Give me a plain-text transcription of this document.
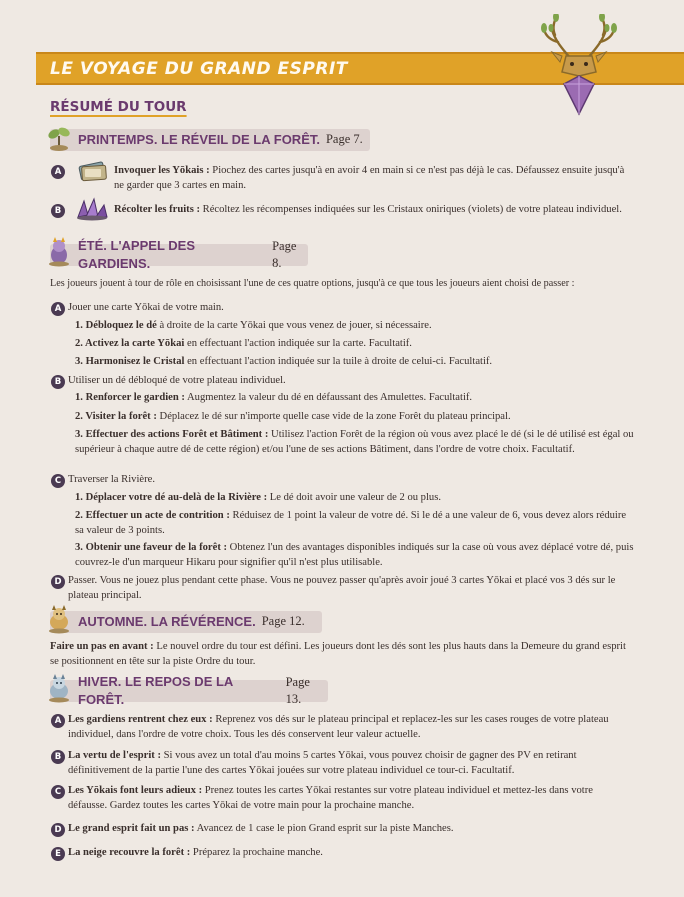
LE VOYAGE DU GRAND ESPRIT
RÉSUMÉ DU TOUR
PRINTEMPS. LE RÉVEIL DE LA FORÊT. Page 7.
A	Invoquer les Yōkais : Piochez des cartes jusqu'à en avoir 4 en main si ce n'est pas déjà le cas. Défaussez ensuite jusqu'à ne garder que 3 cartes en main.
B	Récolter les fruits : Récoltez les récompenses indiquées sur les Cristaux oniriques (violets) de votre plateau individuel.
ÉTÉ. L'APPEL DES GARDIENS.
Page 8.
Les joueurs jouent à tour de rôle en choisissant l'une de ces quatre options, jusqu'à ce que tous les joueurs aient choisi de passer :
A Jouer une carte Yōkai de votre main.
1. Débloquez le dé à droite de la carte Yōkai que vous venez de jouer, si nécessaire.
2. Activez la carte Yōkai en effectuant l'action indiquée sur la carte. Facultatif.
3. Harmonisez le Cristal en effectuant l'action indiquée sur la tuile à droite de celui-ci. Facultatif.
B Utiliser un dé débloqué de votre plateau individuel.
1. Renforcer le gardien : Augmentez la valeur du dé en défaussant des Amulettes. Facultatif.
2. Visiter la forêt : Déplacez le dé sur n'importe quelle case vide de la zone Forêt du plateau principal.
3. Effectuer des actions Forêt et Bâtiment : Utilisez l'action Forêt de la région où vous avez placé le dé (si le dé utilisé est égal ou supérieur à chaque autre dé de cette région) et/ou l'une de ses actions Bâtiment, dans l'ordre de votre choix. Facultatif.
C Traverser la Rivière.
1. Déplacer votre dé au-delà de la Rivière : Le dé doit avoir une valeur de 2 ou plus.
2. Effectuer un acte de contrition : Réduisez de 1 point la valeur de votre dé. Si le dé a une valeur de 6, vous devez alors réduire sa valeur de 3 points.
3. Obtenir une faveur de la forêt : Obtenez l'un des avantages disponibles indiqués sur la case où vous avez déplacé votre dé, puis couvrez-le d'un marqueur Hikaru pour signifier qu'il n'est plus utilisable.
D Passer. Vous ne jouez plus pendant cette phase. Vous ne pouvez passer qu'après avoir joué 3 cartes Yōkai et placé vos 3 dés sur le plateau principal.
AUTOMNE. LA RÉVÉRENCE. Page 12.
Faire un pas en avant : Le nouvel ordre du tour est défini. Les joueurs dont les dés sont les plus hauts dans la Demeure du grand esprit se positionnent en tête sur la piste Ordre du tour.
HIVER. LE REPOS DE LA FORÊT.
Page 13.
A Les gardiens rentrent chez eux : Reprenez vos dés sur le plateau principal et replacez-les sur les cases rouges de votre plateau individuel, dans l'ordre de votre choix. Tous les dés conservent leur valeur actuelle.
B La vertu de l'esprit : Si vous avez un total d'au moins 5 cartes Yōkai, vous pouvez choisir de gagner des PV en retirant définitivement de la partie l'une des cartes Yōkai jouées sur votre plateau individuel ce tour-ci. Facultatif.
C Les Yōkais font leurs adieux : Prenez toutes les cartes Yōkai restantes sur votre plateau individuel et mettez-les dans votre défausse. Gardez toutes les cartes Yōkai de votre main pour la prochaine manche.
D Le grand esprit fait un pas : Avancez de 1 case le pion Grand esprit sur la piste Manches.
E La neige recouvre la forêt : Préparez la prochaine manche.
